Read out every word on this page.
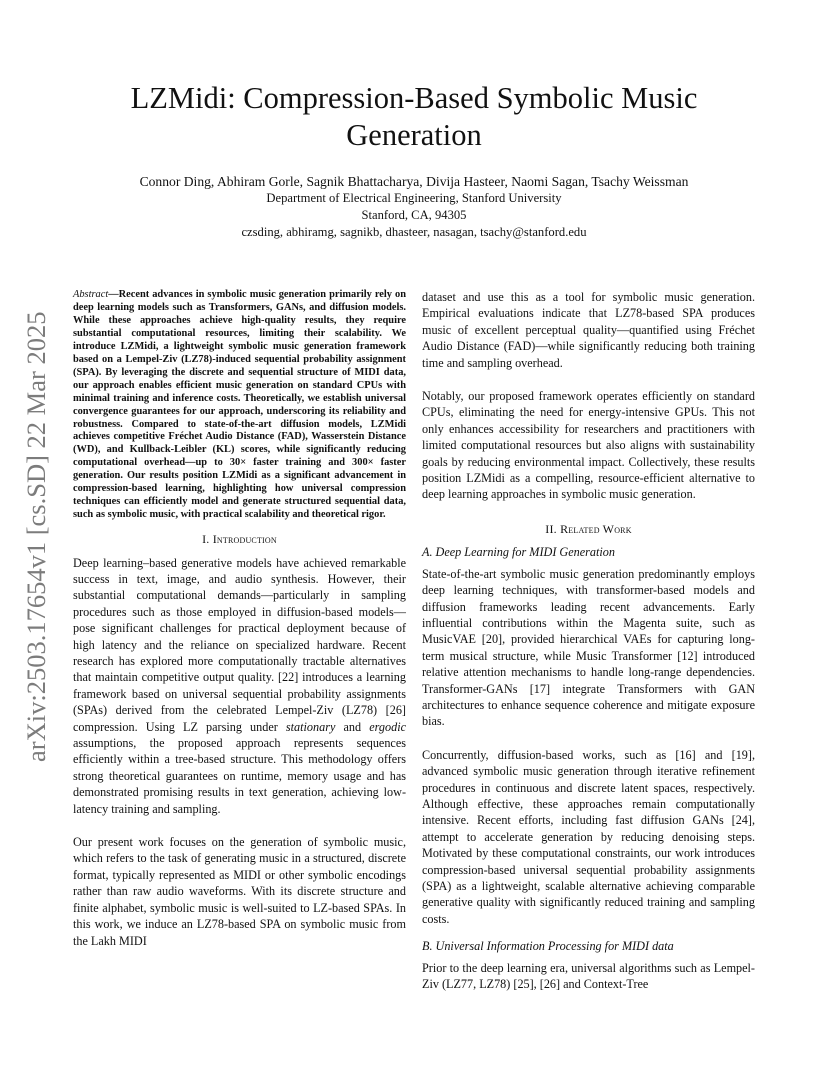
arXiv:2503.17654v1 [cs.SD] 22 Mar 2025
LZMidi: Compression-Based Symbolic Music Generation

Connor Ding, Abhiram Gorle, Sagnik Bhattacharya, Divija Hasteer, Naomi Sagan, Tsachy Weissman

Department of Electrical Engineering, Stanford University

Stanford, CA, 94305

czsding, abhiramg, sagnikb, dhasteer, nasagan, tsachy@stanford.edu

Abstract—Recent advances in symbolic music generation primarily rely on deep learning models such as Transformers, GANs, and diffusion models. While these approaches achieve high-quality results, they require substantial computational resources, limiting their scalability. We introduce LZMidi, a lightweight symbolic music generation framework based on a Lempel-Ziv (LZ78)-induced sequential probability assignment (SPA). By leveraging the discrete and sequential structure of MIDI data, our approach enables efficient music generation on standard CPUs with minimal training and inference costs. Theoretically, we establish universal convergence guarantees for our approach, underscoring its reliability and robustness. Compared to state-of-the-art diffusion models, LZMidi achieves competitive Fréchet Audio Distance (FAD), Wasserstein Distance (WD), and Kullback-Leibler (KL) scores, while significantly reducing computational overhead—up to 30× faster training and 300× faster generation. Our results position LZMidi as a significant advancement in compression-based learning, highlighting how universal compression techniques can efficiently model and generate structured sequential data, such as symbolic music, with practical scalability and theoretical rigor.

I. Introduction

Deep learning–based generative models have achieved remarkable success in text, image, and audio synthesis. However, their substantial computational demands—particularly in sampling procedures such as those employed in diffusion-based models—pose significant challenges for practical deployment because of high latency and the reliance on specialized hardware. Recent research has explored more computationally tractable alternatives that maintain competitive output quality. [22] introduces a learning framework based on universal sequential probability assignments (SPAs) derived from the celebrated Lempel-Ziv (LZ78) [26] compression. Using LZ parsing under stationary and ergodic assumptions, the proposed approach represents sequences efficiently within a tree-based structure. This methodology offers strong theoretical guarantees on runtime, memory usage and has demonstrated promising results in text generation, achieving low-latency training and sampling.

Our present work focuses on the generation of symbolic music, which refers to the task of generating music in a structured, discrete format, typically represented as MIDI or other symbolic encodings rather than raw audio waveforms. With its discrete structure and finite alphabet, symbolic music is well-suited to LZ-based SPAs. In this work, we induce an LZ78-based SPA on symbolic music from the Lakh MIDI

dataset and use this as a tool for symbolic music generation. Empirical evaluations indicate that LZ78-based SPA produces music of excellent perceptual quality—quantified using Fréchet Audio Distance (FAD)—while significantly reducing both training time and sampling overhead.

Notably, our proposed framework operates efficiently on standard CPUs, eliminating the need for energy-intensive GPUs. This not only enhances accessibility for researchers and practitioners with limited computational resources but also aligns with sustainability goals by reducing environmental impact. Collectively, these results position LZMidi as a compelling, resource-efficient alternative to deep learning approaches in symbolic music generation.

II. Related Work
A. Deep Learning for MIDI Generation

State-of-the-art symbolic music generation predominantly employs deep learning techniques, with transformer-based models and diffusion frameworks leading recent advancements. Early influential contributions within the Magenta suite, such as MusicVAE [20], provided hierarchical VAEs for capturing long-term musical structure, while Music Transformer [12] introduced relative attention mechanisms to handle long-range dependencies. Transformer-GANs [17] integrate Transformers with GAN architectures to enhance sequence coherence and mitigate exposure bias.

Concurrently, diffusion-based works, such as [16] and [19], advanced symbolic music generation through iterative refinement procedures in continuous and discrete latent spaces, respectively. Although effective, these approaches remain computationally intensive. Recent efforts, including fast diffusion GANs [24], attempt to accelerate generation by reducing denoising steps. Motivated by these computational constraints, our work introduces compression-based universal sequential probability assignments (SPA) as a lightweight, scalable alternative achieving comparable generative quality with significantly reduced training and sampling costs.

B. Universal Information Processing for MIDI data

Prior to the deep learning era, universal algorithms such as Lempel-Ziv (LZ77, LZ78) [25], [26] and Context-Tree
